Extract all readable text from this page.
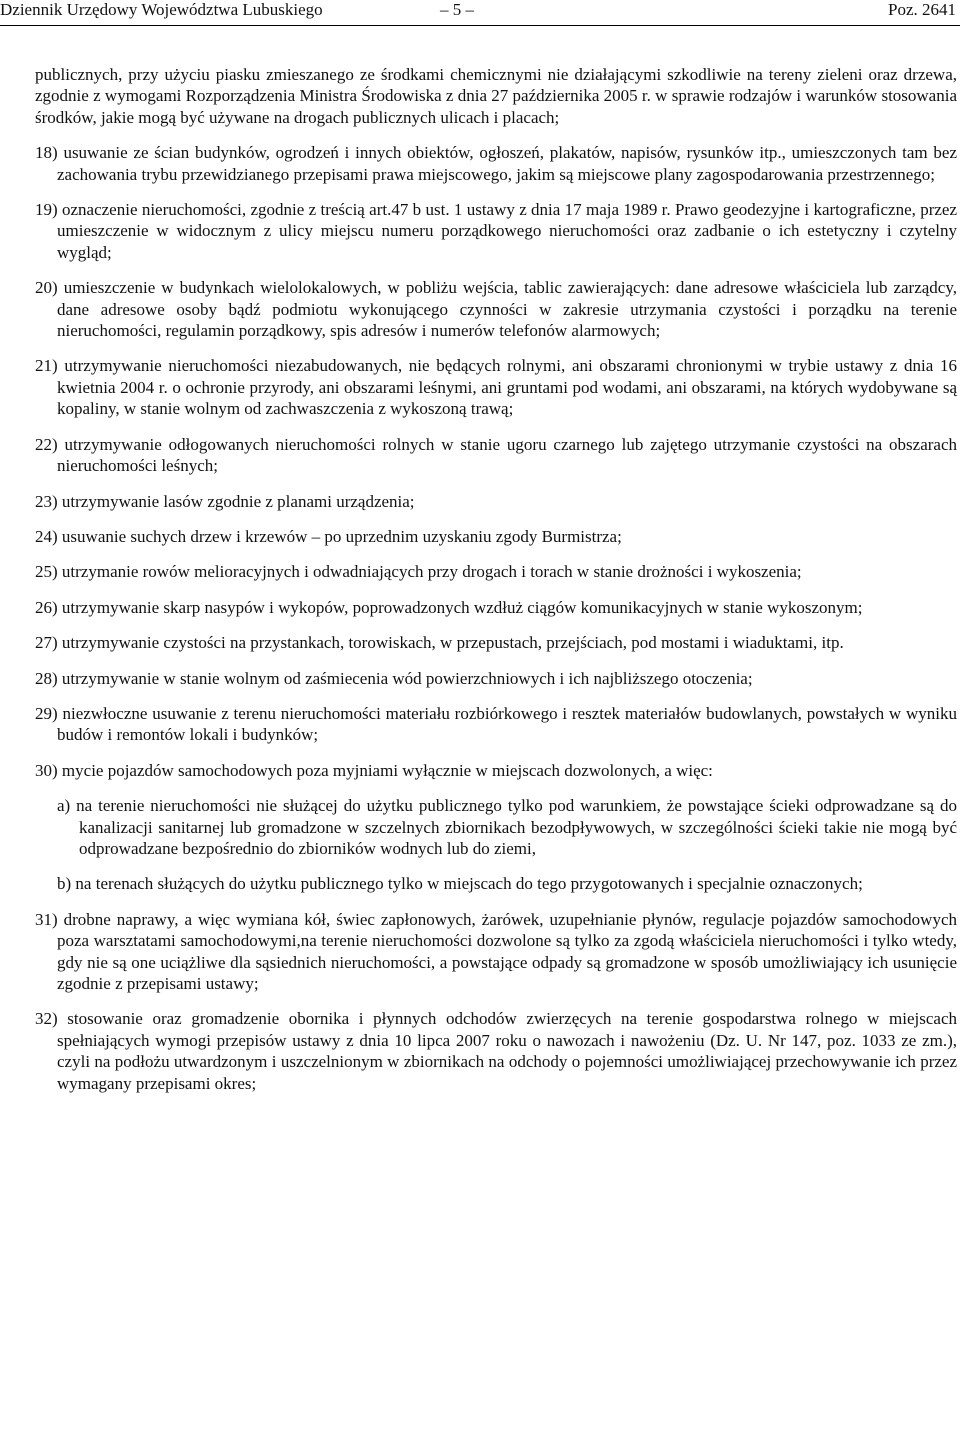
Dziennik Urzędowy Województwa Lubuskiego	– 5 –	Poz. 2641

publicznych, przy użyciu piasku zmieszanego ze środkami chemicznymi nie działającymi szkodliwie na tereny zieleni oraz drzewa, zgodnie z wymogami Rozporządzenia Ministra Środowiska z dnia 27 października 2005 r. w sprawie rodzajów i warunków stosowania środków, jakie mogą być używane na drogach publicznych ulicach i placach;

18) usuwanie ze ścian budynków, ogrodzeń i innych obiektów, ogłoszeń, plakatów, napisów, rysunków itp., umieszczonych tam bez zachowania trybu przewidzianego przepisami prawa miejscowego, jakim są miejscowe plany zagospodarowania przestrzennego;
19) oznaczenie nieruchomości, zgodnie z treścią art.47 b ust. 1 ustawy z dnia 17 maja 1989 r. Prawo geodezyjne i kartograficzne, przez umieszczenie w widocznym z ulicy miejscu numeru porządkowego nieruchomości oraz zadbanie o ich estetyczny i czytelny wygląd;
20) umieszczenie w budynkach wielolokalowych, w pobliżu wejścia, tablic zawierających: dane adresowe właściciela lub zarządcy, dane adresowe osoby bądź podmiotu wykonującego czynności w zakresie utrzymania czystości i porządku na terenie nieruchomości, regulamin porządkowy, spis adresów i numerów telefonów alarmowych;
21) utrzymywanie nieruchomości niezabudowanych, nie będących rolnymi, ani obszarami chronionymi w trybie ustawy z dnia 16 kwietnia 2004 r. o ochronie przyrody, ani obszarami leśnymi, ani gruntami pod wodami, ani obszarami, na których wydobywane są kopaliny, w stanie wolnym od zachwaszczenia z wykoszoną trawą;
22) utrzymywanie odłogowanych nieruchomości rolnych w stanie ugoru czarnego lub zajętego utrzymanie czystości na obszarach nieruchomości leśnych;
23) utrzymywanie lasów zgodnie z planami urządzenia;
24) usuwanie suchych drzew i krzewów – po uprzednim uzyskaniu zgody Burmistrza;
25) utrzymanie rowów melioracyjnych i odwadniających przy drogach i torach w stanie drożności i wykoszenia;
26) utrzymywanie skarp nasypów i wykopów, poprowadzonych wzdłuż ciągów komunikacyjnych w stanie wykoszonym;
27) utrzymywanie czystości na przystankach, torowiskach, w przepustach, przejściach, pod mostami i wiaduktami, itp.
28) utrzymywanie w stanie wolnym od zaśmiecenia wód powierzchniowych i ich najbliższego otoczenia;
29) niezwłoczne usuwanie z terenu nieruchomości materiału rozbiórkowego i resztek materiałów budowlanych, powstałych w wyniku budów i remontów lokali i budynków;
30) mycie pojazdów samochodowych poza myjniami wyłącznie w miejscach dozwolonych, a więc:
a) na terenie nieruchomości nie służącej do użytku publicznego tylko pod warunkiem, że powstające ścieki odprowadzane są do kanalizacji sanitarnej lub gromadzone w szczelnych zbiornikach bezodpływowych, w szczególności ścieki takie nie mogą być odprowadzane bezpośrednio do zbiorników wodnych lub do ziemi,
b) na terenach służących do użytku publicznego tylko w miejscach do tego przygotowanych i specjalnie oznaczonych;
31) drobne naprawy, a więc wymiana kół, świec zapłonowych, żarówek, uzupełnianie płynów, regulacje pojazdów samochodowych poza warsztatami samochodowymi,na terenie nieruchomości dozwolone są tylko za zgodą właściciela nieruchomości i tylko wtedy, gdy nie są one uciążliwe dla sąsiednich nieruchomości, a powstające odpady są gromadzone w sposób umożliwiający ich usunięcie zgodnie z przepisami ustawy;
32) stosowanie oraz gromadzenie obornika i płynnych odchodów zwierzęcych na terenie gospodarstwa rolnego w miejscach spełniających wymogi przepisów ustawy z dnia 10 lipca 2007 roku o nawozach i nawożeniu (Dz. U. Nr 147, poz. 1033 ze zm.), czyli na podłożu utwardzonym i uszczelnionym w zbiornikach na odchody o pojemności umożliwiającej przechowywanie ich przez wymagany przepisami okres;
